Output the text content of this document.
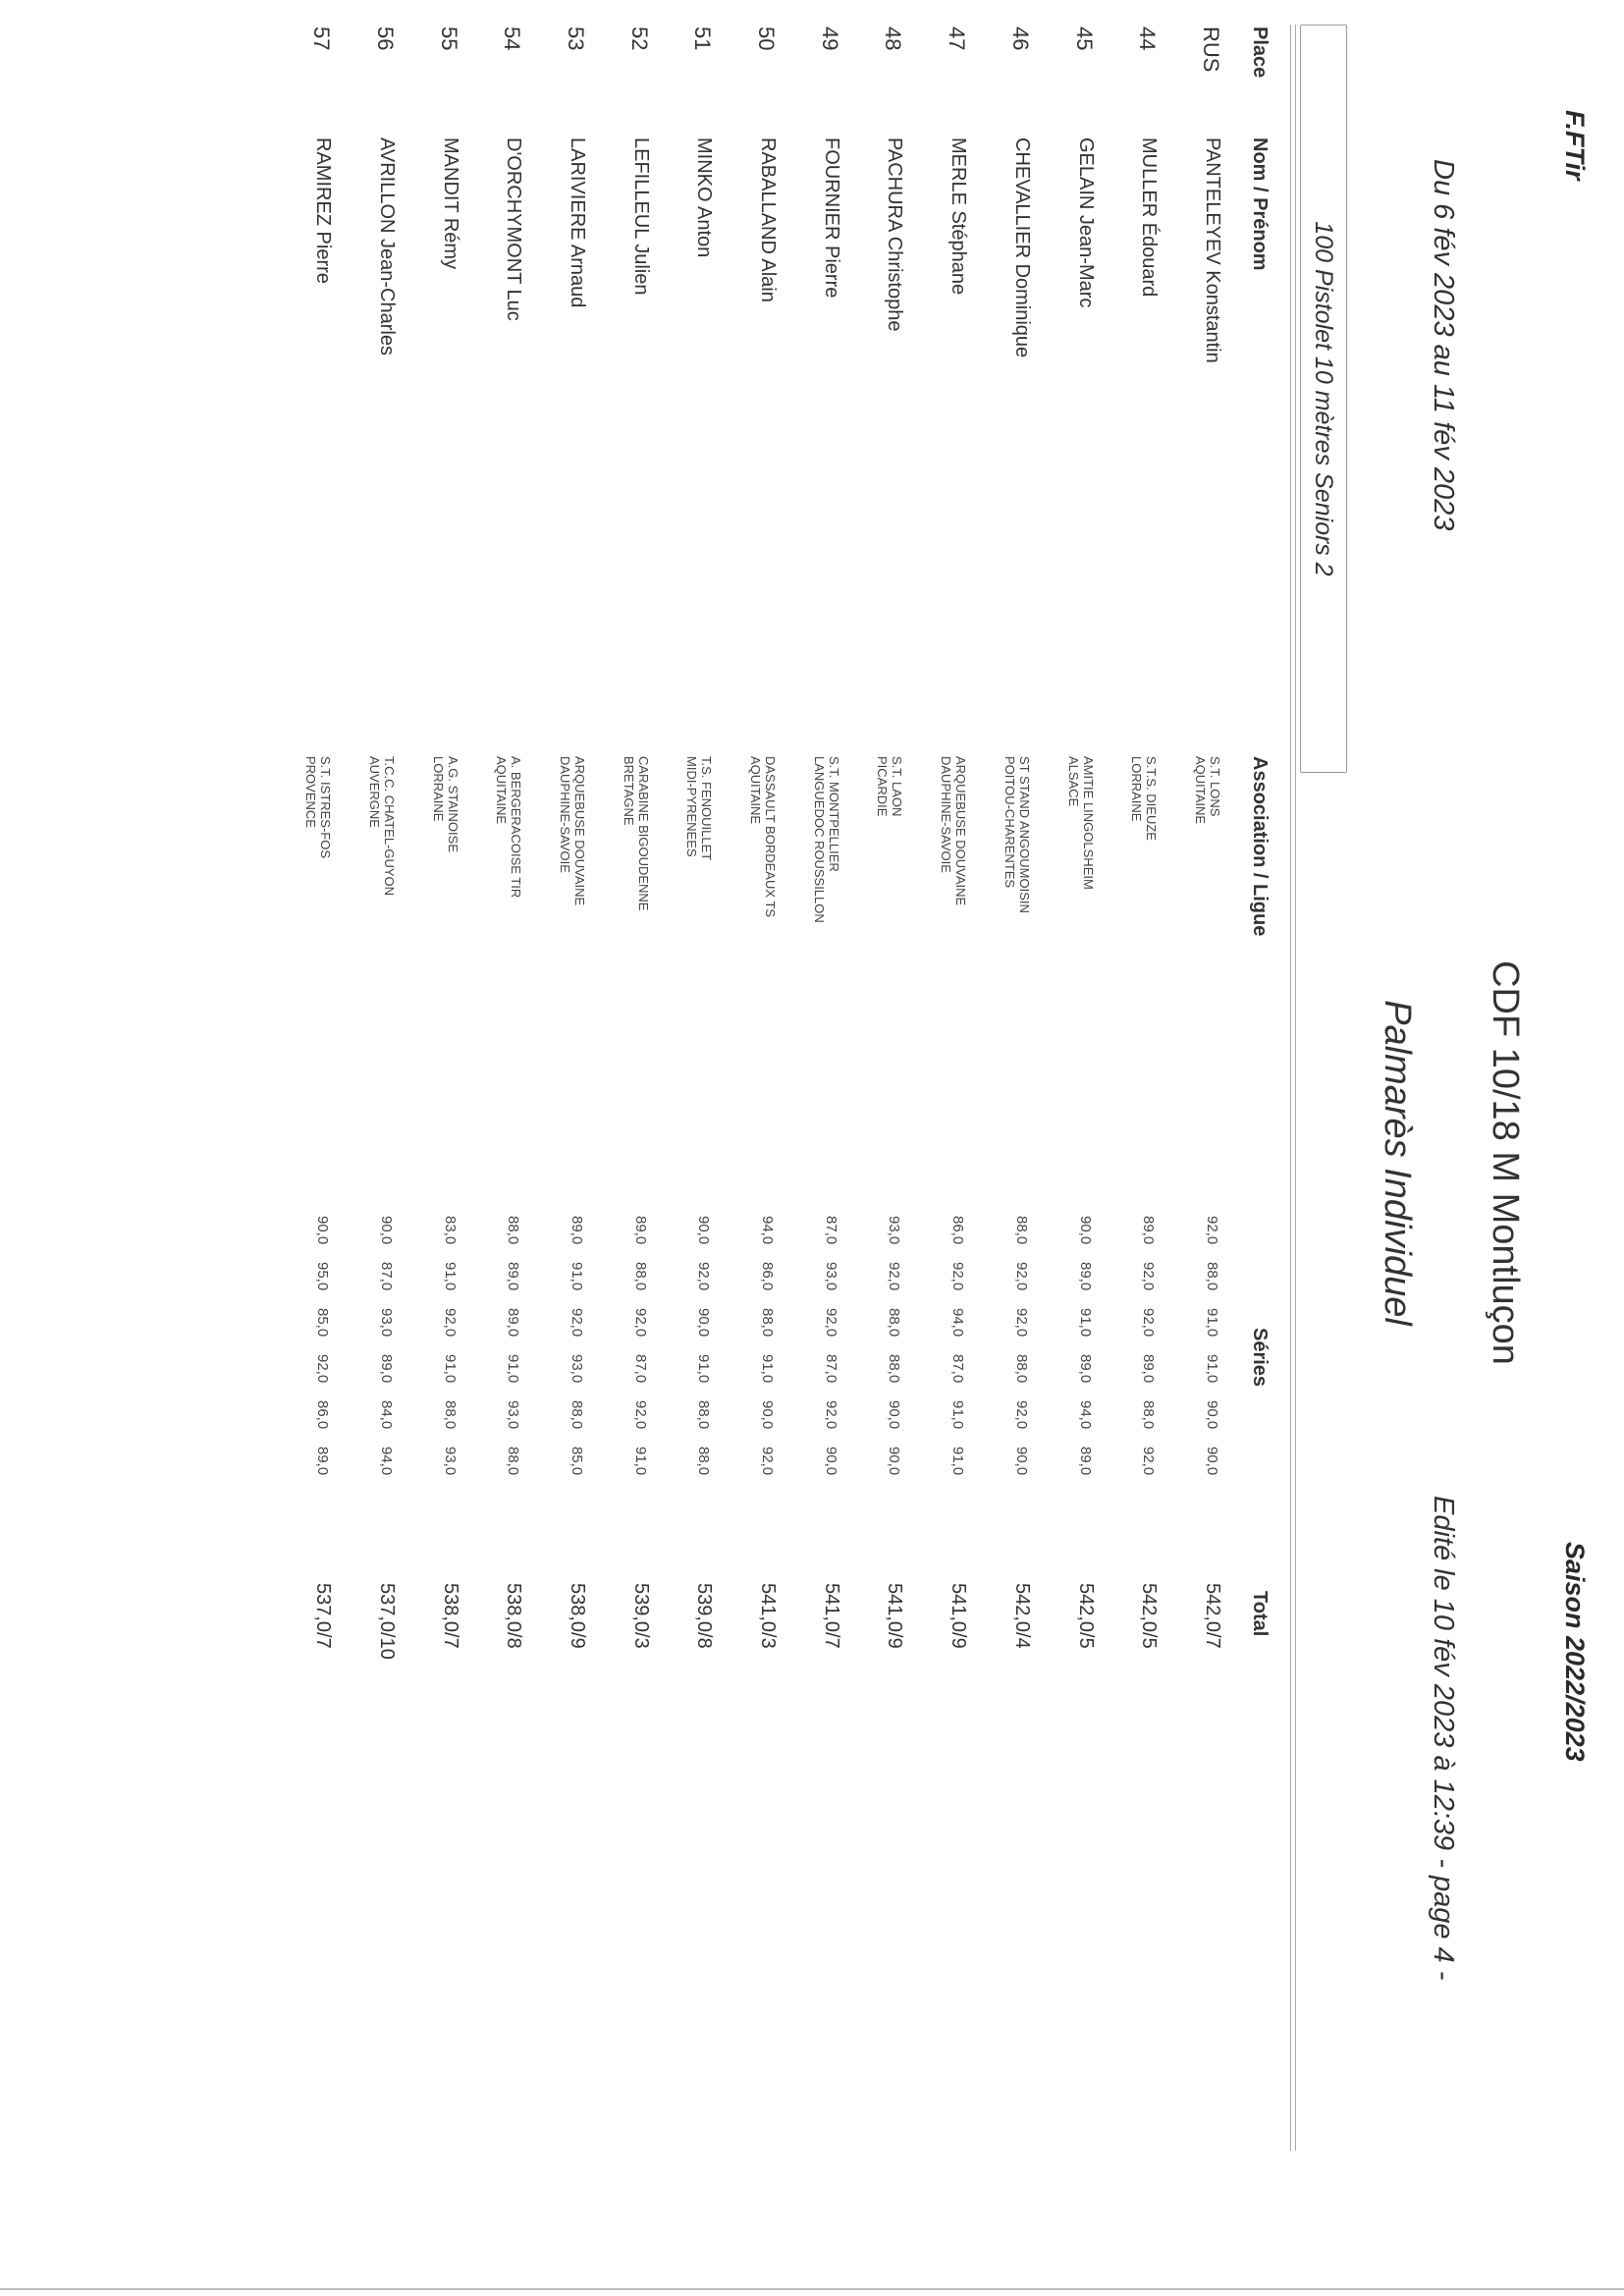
F.FTir
Saison 2022/2023
CDF 10/18 M Montluçon
Du 6 fév 2023 au 11 fév 2023
Edité le 10 fév 2023 à 12:39 - page 4 -
Palmarès Individuel
100 Pistolet 10 mètres Seniors 2
Place
Nom / Prénom
Association / Ligue
Séries
Total
RUS
PANTELEYEV Konstantin
S.T. LONS
AQUITAINE
92,0
88,0
91,0
91,0
90,0
90,0
542,0/7
44
MULLER Édouard
S.T.S. DIEUZE
LORRAINE
89,0
92,0
92,0
89,0
88,0
92,0
542,0/5
45
GELAIN Jean-Marc
AMITIE LINGOLSHEIM
ALSACE
90,0
89,0
91,0
89,0
94,0
89,0
542,0/5
46
CHEVALLIER Dominique
ST STAND ANGOUMOISIN
POITOU-CHARENTES
88,0
92,0
92,0
88,0
92,0
90,0
542,0/4
47
MERLE Stéphane
ARQUEBUSE DOUVAINE
DAUPHINE-SAVOIE
86,0
92,0
94,0
87,0
91,0
91,0
541,0/9
48
PACHURA Christophe
S.T. LAON
PICARDIE
93,0
92,0
88,0
88,0
90,0
90,0
541,0/9
49
FOURNIER Pierre
S.T. MONTPELLIER
LANGUEDOC ROUSSILLON
87,0
93,0
92,0
87,0
92,0
90,0
541,0/7
50
RABALLAND Alain
DASSAULT BORDEAUX TS
AQUITAINE
94,0
86,0
88,0
91,0
90,0
92,0
541,0/3
51
MINKO Anton
T.S. FENOUILLET
MIDI-PYRENEES
90,0
92,0
90,0
91,0
88,0
88,0
539,0/8
52
LEFILLEUL Julien
CARABINE BIGOUDENNE
BRETAGNE
89,0
88,0
92,0
87,0
92,0
91,0
539,0/3
53
LARIVIERE Arnaud
ARQUEBUSE DOUVAINE
DAUPHINE-SAVOIE
89,0
91,0
92,0
93,0
88,0
85,0
538,0/9
54
D'ORCHYMONT Luc
A. BERGERACOISE TIR
AQUITAINE
88,0
89,0
89,0
91,0
93,0
88,0
538,0/8
55
MANDIT Rémy
A.G. STAINOISE
LORRAINE
83,0
91,0
92,0
91,0
88,0
93,0
538,0/7
56
AVRILLON Jean-Charles
T.C.C. CHATEL-GUYON
AUVERGNE
90,0
87,0
93,0
89,0
84,0
94,0
537,0/10
57
RAMIREZ Pierre
S.T. ISTRES-FOS
PROVENCE
90,0
95,0
85,0
92,0
86,0
89,0
537,0/7
